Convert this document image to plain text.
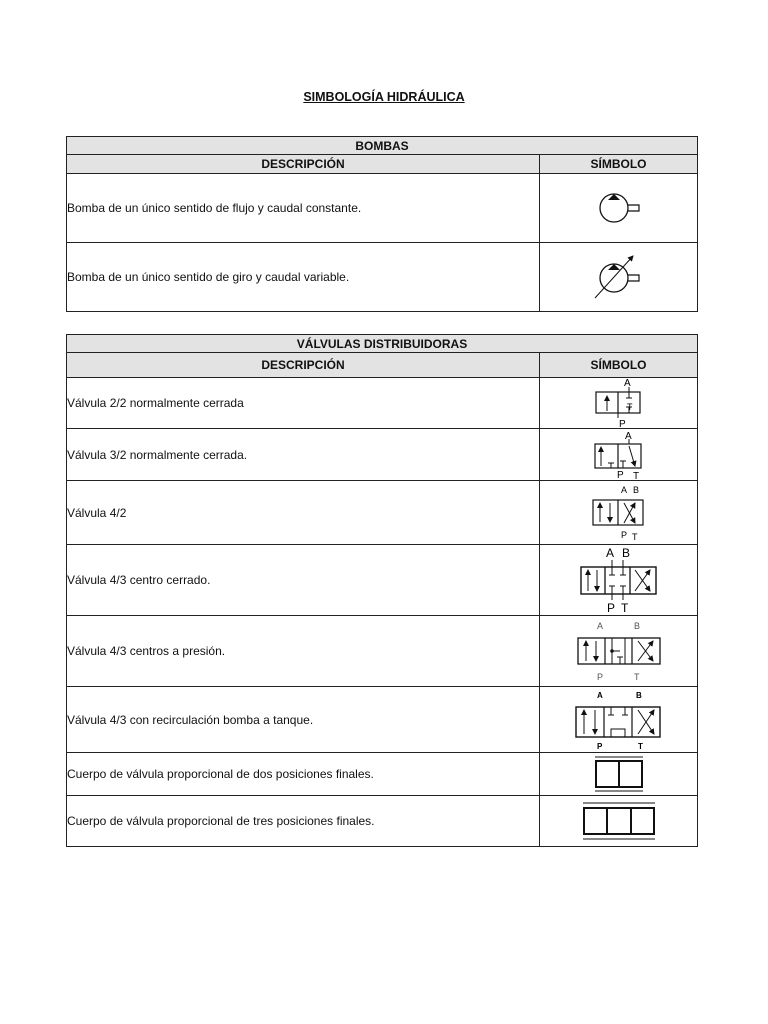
SIMBOLOGÍA HIDRÁULICA
BOMBAS	
DESCRIPCIÓN	SÍMBOLO
Bomba de un único sentido de flujo y caudal constante.	

Bomba de un único sentido de giro y caudal variable.	
VÁLVULAS DISTRIBUIDORAS	
DESCRIPCIÓN	SÍMBOLO
Válvula 2/2 normalmente cerrada	A
T
P

Válvula 3/2 normalmente cerrada.	A
P T

Válvula 4/2	A B
P T

Válvula 4/3 centro cerrado.	A B
P T

Válvula 4/3 centros a presión.	A B
P T

Válvula 4/3 con recirculación bomba a tanque.	A B
P T

Cuerpo de válvula proporcional de dos posiciones finales.	

Cuerpo de válvula proporcional de tres posiciones finales.	
